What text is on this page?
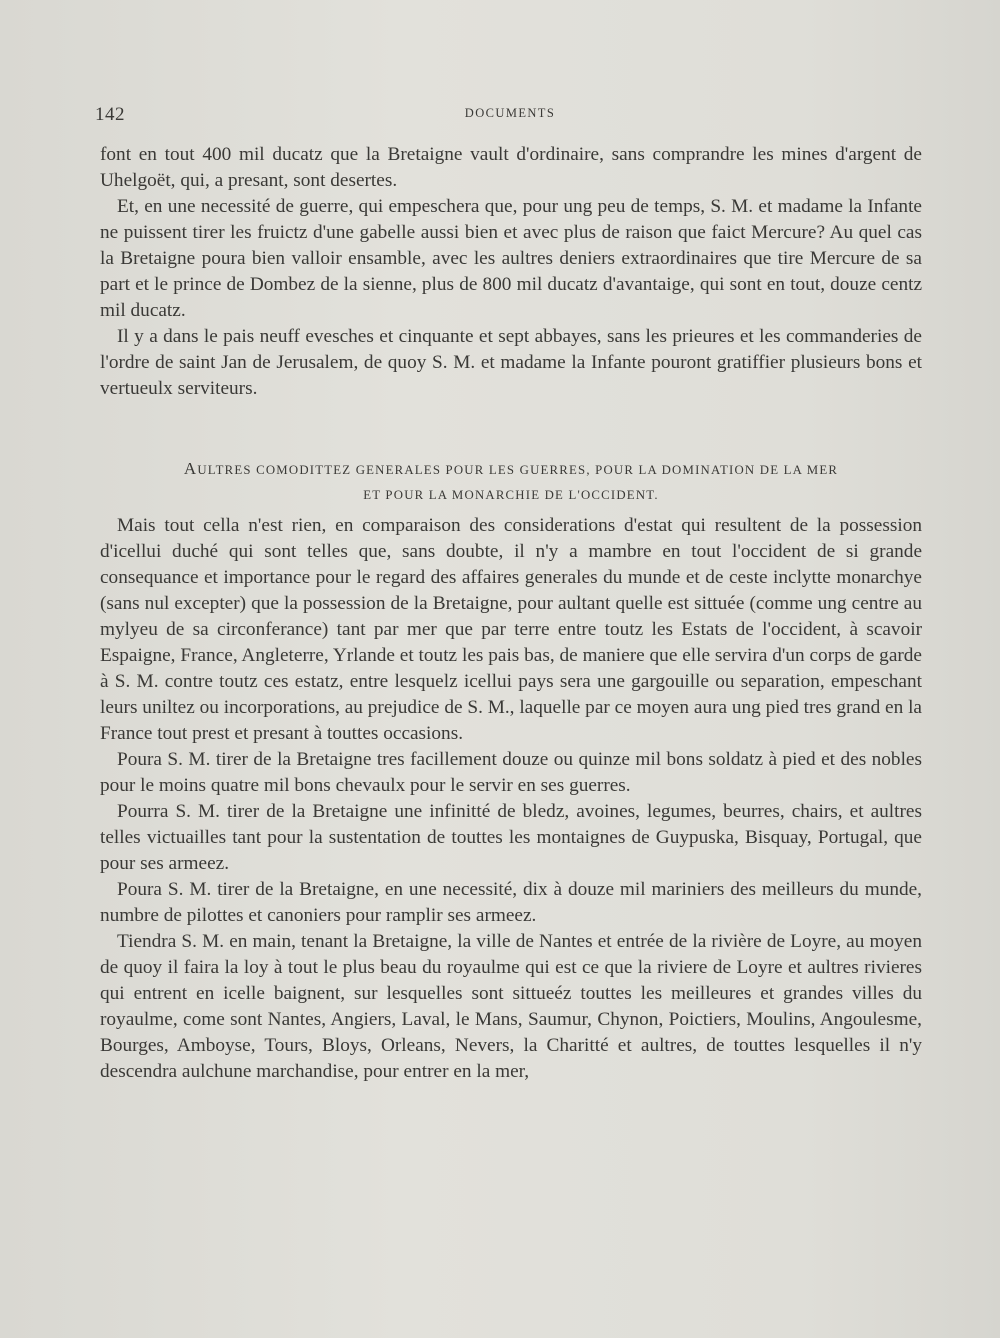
142	DOCUMENTS

font en tout 400 mil ducatz que la Bretaigne vault d'ordinaire, sans comprandre les mines d'argent de Uhelgoët, qui, a presant, sont desertes.

Et, en une necessité de guerre, qui empeschera que, pour ung peu de temps, S. M. et madame la Infante ne puissent tirer les fruictz d'une gabelle aussi bien et avec plus de raison que faict Mercure? Au quel cas la Bretaigne poura bien valloir ensamble, avec les aultres deniers extraordinaires que tire Mercure de sa part et le prince de Dombez de la sienne, plus de 800 mil ducatz d'avantaige, qui sont en tout, douze centz mil ducatz.

Il y a dans le pais neuff evesches et cinquante et sept abbayes, sans les prieures et les commanderies de l'ordre de saint Jan de Jerusalem, de quoy S. M. et madame la Infante pouront gratiffier plusieurs bons et vertueulx serviteurs.

AULTRES COMODITTEZ GENERALES POUR LES GUERRES, POUR LA DOMINATION DE LA MER
ET POUR LA MONARCHIE DE L'OCCIDENT.

Mais tout cella n'est rien, en comparaison des considerations d'estat qui resultent de la possession d'icellui duché qui sont telles que, sans doubte, il n'y a mambre en tout l'occident de si grande consequance et importance pour le regard des affaires generales du munde et de ceste inclytte monarchye (sans nul excepter) que la possession de la Bretaigne, pour aultant quelle est sittuée (comme ung centre au mylyeu de sa circonferance) tant par mer que par terre entre toutz les Estats de l'occident, à scavoir Espaigne, France, Angleterre, Yrlande et toutz les pais bas, de maniere que elle servira d'un corps de garde à S. M. contre toutz ces estatz, entre lesquelz icellui pays sera une gargouille ou separation, empeschant leurs uniltez ou incorporations, au prejudice de S. M., laquelle par ce moyen aura ung pied tres grand en la France tout prest et presant à touttes occasions.

Poura S. M. tirer de la Bretaigne tres facillement douze ou quinze mil bons soldatz à pied et des nobles pour le moins quatre mil bons chevaulx pour le servir en ses guerres.

Pourra S. M. tirer de la Bretaigne une infinitté de bledz, avoines, legumes, beurres, chairs, et aultres telles victuailles tant pour la sustentation de touttes les montaignes de Guypuska, Bisquay, Portugal, que pour ses armeez.

Poura S. M. tirer de la Bretaigne, en une necessité, dix à douze mil mariniers des meilleurs du munde, numbre de pilottes et canoniers pour ramplir ses armeez.

Tiendra S. M. en main, tenant la Bretaigne, la ville de Nantes et entrée de la rivière de Loyre, au moyen de quoy il faira la loy à tout le plus beau du royaulme qui est ce que la riviere de Loyre et aultres rivieres qui entrent en icelle baignent, sur lesquelles sont sittueéz touttes les meilleures et grandes villes du royaulme, come sont Nantes, Angiers, Laval, le Mans, Saumur, Chynon, Poictiers, Moulins, Angoulesme, Bourges, Amboyse, Tours, Bloys, Orleans, Nevers, la Charitté et aultres, de touttes lesquelles il n'y descendra aulchune marchandise, pour entrer en la mer,
